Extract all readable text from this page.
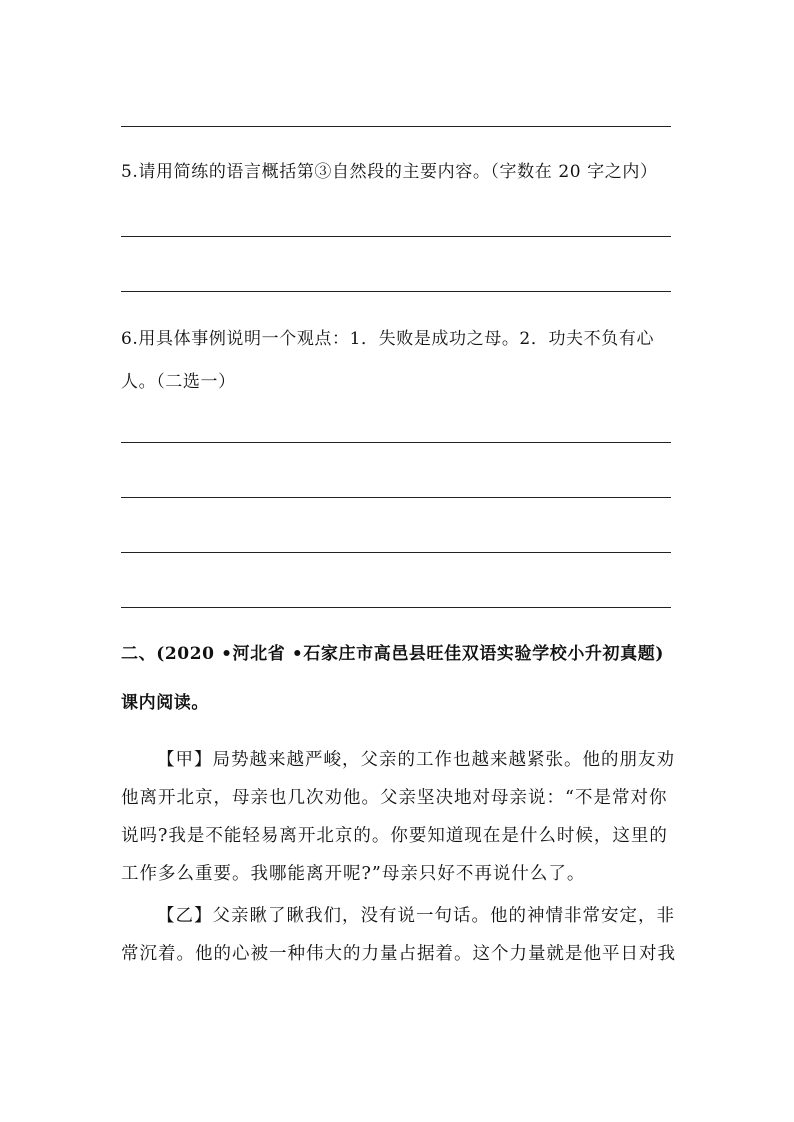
5.请用简练的语言概括第③自然段的主要内容。（字数在 20 字之内）
6.用具体事例说明一个观点：1．失败是成功之母。2．功夫不负有心
人。（二选一）
二、(2020 •河北省 •石家庄市高邑县旺佳双语实验学校小升初真题)
课内阅读。

【甲】局势越来越严峻，父亲的工作也越来越紧张。他的朋友劝他离开北京，母亲也几次劝他。父亲坚决地对母亲说：“不是常对你说吗?我是不能轻易离开北京的。你要知道现在是什么时候，这里的工作多么重要。我哪能离开呢?”母亲只好不再说什么了。

【乙】父亲瞅了瞅我们，没有说一句话。他的神情非常安定，非常沉着。他的心被一种伟大的力量占据着。这个力量就是他平日对我
